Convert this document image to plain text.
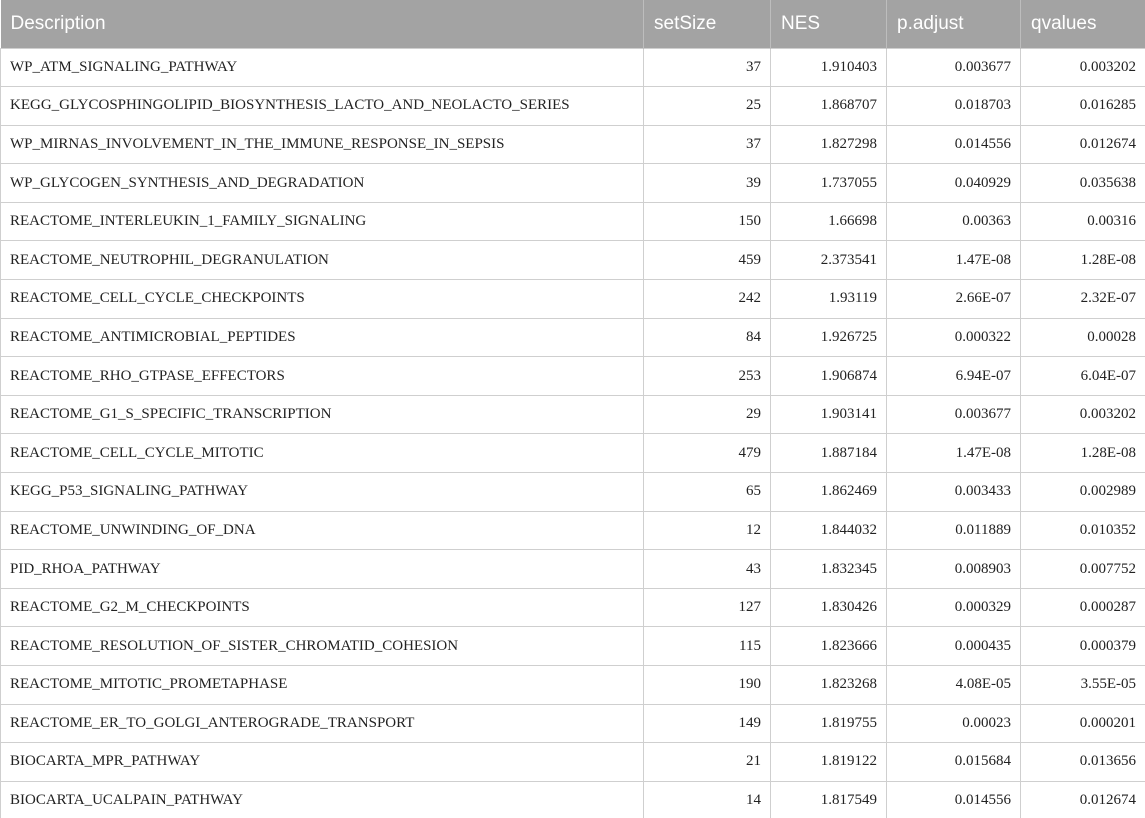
Description	setSize	NES	p.adjust	qvalues
WP_ATM_SIGNALING_PATHWAY	37	1.910403	0.003677	0.003202
KEGG_GLYCOSPHINGOLIPID_BIOSYNTHESIS_LACTO_AND_NEOLACTO_SERIES	25	1.868707	0.018703	0.016285
WP_MIRNAS_INVOLVEMENT_IN_THE_IMMUNE_RESPONSE_IN_SEPSIS	37	1.827298	0.014556	0.012674
WP_GLYCOGEN_SYNTHESIS_AND_DEGRADATION	39	1.737055	0.040929	0.035638
REACTOME_INTERLEUKIN_1_FAMILY_SIGNALING	150	1.66698	0.00363	0.00316
REACTOME_NEUTROPHIL_DEGRANULATION	459	2.373541	1.47E-08	1.28E-08
REACTOME_CELL_CYCLE_CHECKPOINTS	242	1.93119	2.66E-07	2.32E-07
REACTOME_ANTIMICROBIAL_PEPTIDES	84	1.926725	0.000322	0.00028
REACTOME_RHO_GTPASE_EFFECTORS	253	1.906874	6.94E-07	6.04E-07
REACTOME_G1_S_SPECIFIC_TRANSCRIPTION	29	1.903141	0.003677	0.003202
REACTOME_CELL_CYCLE_MITOTIC	479	1.887184	1.47E-08	1.28E-08
KEGG_P53_SIGNALING_PATHWAY	65	1.862469	0.003433	0.002989
REACTOME_UNWINDING_OF_DNA	12	1.844032	0.011889	0.010352
PID_RHOA_PATHWAY	43	1.832345	0.008903	0.007752
REACTOME_G2_M_CHECKPOINTS	127	1.830426	0.000329	0.000287
REACTOME_RESOLUTION_OF_SISTER_CHROMATID_COHESION	115	1.823666	0.000435	0.000379
REACTOME_MITOTIC_PROMETAPHASE	190	1.823268	4.08E-05	3.55E-05
REACTOME_ER_TO_GOLGI_ANTEROGRADE_TRANSPORT	149	1.819755	0.00023	0.000201
BIOCARTA_MPR_PATHWAY	21	1.819122	0.015684	0.013656
BIOCARTA_UCALPAIN_PATHWAY	14	1.817549	0.014556	0.012674
